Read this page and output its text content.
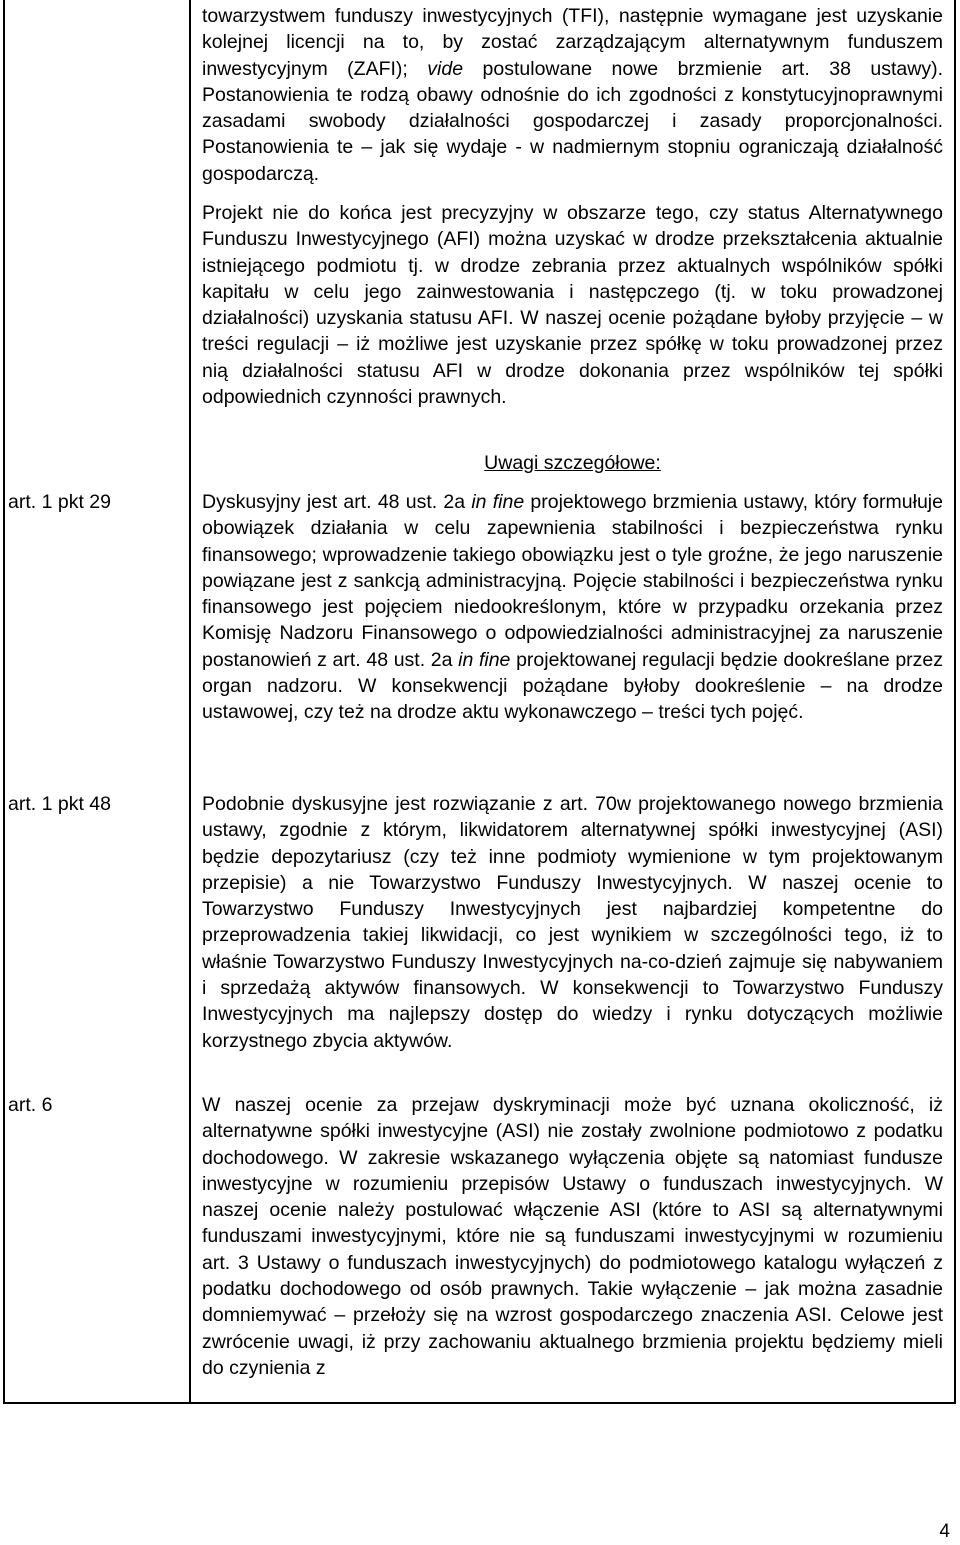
towarzystwem funduszy inwestycyjnych (TFI), następnie wymagane jest uzyskanie kolejnej licencji na to, by zostać zarządzającym alternatywnym funduszem inwestycyjnym (ZAFI); vide postulowane nowe brzmienie art. 38 ustawy). Postanowienia te rodzą obawy odnośnie do ich zgodności z konstytucyjnoprawnymi zasadami swobody działalności gospodarczej i zasady proporcjonalności. Postanowienia te – jak się wydaje - w nadmiernym stopniu ograniczają działalność gospodarczą.

Projekt nie do końca jest precyzyjny w obszarze tego, czy status Alternatywnego Funduszu Inwestycyjnego (AFI) można uzyskać w drodze przekształcenia aktualnie istniejącego podmiotu tj. w drodze zebrania przez aktualnych wspólników spółki kapitału w celu jego zainwestowania i następczego (tj. w toku prowadzonej działalności) uzyskania statusu AFI. W naszej ocenie pożądane byłoby przyjęcie – w treści regulacji – iż możliwe jest uzyskanie przez spółkę w toku prowadzonej przez nią działalności statusu AFI w drodze dokonania przez wspólników tej spółki odpowiednich czynności prawnych.

Uwagi szczegółowe:
art. 1 pkt 29	Dyskusyjny jest art. 48 ust. 2a in fine projektowego brzmienia ustawy, który formułuje obowiązek działania w celu zapewnienia stabilności i bezpieczeństwa rynku finansowego; wprowadzenie takiego obowiązku jest o tyle groźne, że jego naruszenie powiązane jest z sankcją administracyjną. Pojęcie stabilności i bezpieczeństwa rynku finansowego jest pojęciem niedookreślonym, które w przypadku orzekania przez Komisję Nadzoru Finansowego o odpowiedzialności administracyjnej za naruszenie postanowień z art. 48 ust. 2a in fine projektowanej regulacji będzie dookreślane przez organ nadzoru. W konsekwencji pożądane byłoby dookreślenie – na drodze ustawowej, czy też na drodze aktu wykonawczego – treści tych pojęć.

art. 1 pkt 48	Podobnie dyskusyjne jest rozwiązanie z art. 70w projektowanego nowego brzmienia ustawy, zgodnie z którym, likwidatorem alternatywnej spółki inwestycyjnej (ASI) będzie depozytariusz (czy też inne podmioty wymienione w tym projektowanym przepisie) a nie Towarzystwo Funduszy Inwestycyjnych. W naszej ocenie to Towarzystwo Funduszy Inwestycyjnych jest najbardziej kompetentne do przeprowadzenia takiej likwidacji, co jest wynikiem w szczególności tego, iż to właśnie Towarzystwo Funduszy Inwestycyjnych na-co-dzień zajmuje się nabywaniem i sprzedażą aktywów finansowych. W konsekwencji to Towarzystwo Funduszy Inwestycyjnych ma najlepszy dostęp do wiedzy i rynku dotyczących możliwie korzystnego zbycia aktywów.

art. 6	W naszej ocenie za przejaw dyskryminacji może być uznana okoliczność, iż alternatywne spółki inwestycyjne (ASI) nie zostały zwolnione podmiotowo z podatku dochodowego. W zakresie wskazanego wyłączenia objęte są natomiast fundusze inwestycyjne w rozumieniu przepisów Ustawy o funduszach inwestycyjnych. W naszej ocenie należy postulować włączenie ASI (które to ASI są alternatywnymi funduszami inwestycyjnymi, które nie są funduszami inwestycyjnymi w rozumieniu art. 3 Ustawy o funduszach inwestycyjnych) do podmiotowego katalogu wyłączeń z podatku dochodowego od osób prawnych. Takie wyłączenie – jak można zasadnie domniemywać – przełoży się na wzrost gospodarczego znaczenia ASI. Celowe jest zwrócenie uwagi, iż przy zachowaniu aktualnego brzmienia projektu będziemy mieli do czynienia z

4
